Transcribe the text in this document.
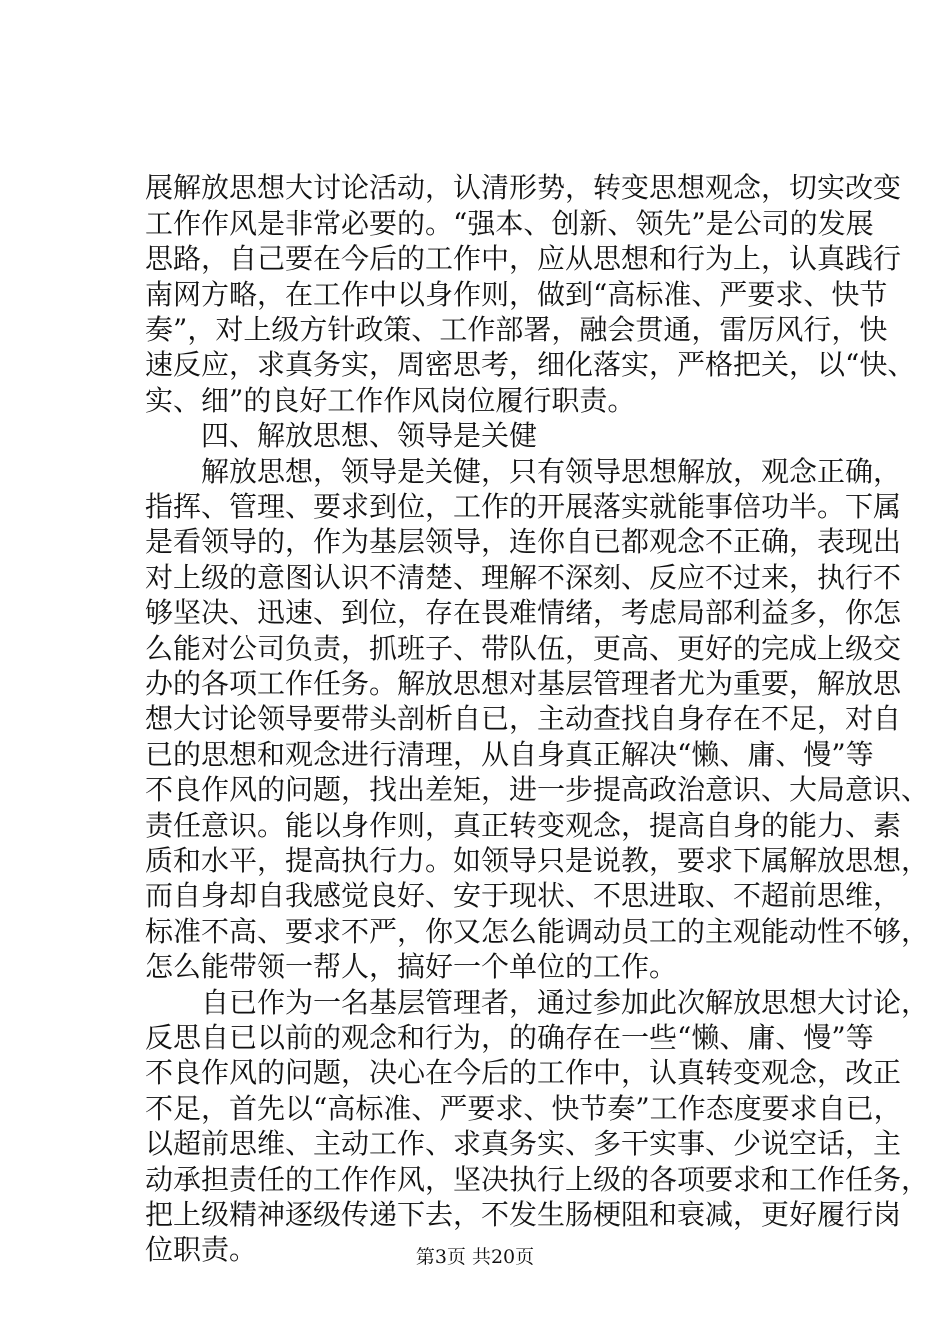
展解放思想大讨论活动，认清形势，转变思想观念，切实改变
工作作风是非常必要的。“强本、创新、领先”是公司的发展
思路，自己要在今后的工作中，应从思想和行为上，认真践行
南网方略，在工作中以身作则，做到“高标准、严要求、快节
奏”，对上级方针政策、工作部署，融会贯通，雷厉风行，快
速反应，求真务实，周密思考，细化落实，严格把关，以“快、
实、细”的良好工作作风岗位履行职责。
　　四、解放思想、领导是关健
　　解放思想，领导是关健，只有领导思想解放，观念正确，
指挥、管理、要求到位，工作的开展落实就能事倍功半。下属
是看领导的，作为基层领导，连你自已都观念不正确，表现出
对上级的意图认识不清楚、理解不深刻、反应不过来，执行不
够坚决、迅速、到位，存在畏难情绪，考虑局部利益多，你怎
么能对公司负责，抓班子、带队伍，更高、更好的完成上级交
办的各项工作任务。解放思想对基层管理者尤为重要，解放思
想大讨论领导要带头剖析自已，主动查找自身存在不足，对自
已的思想和观念进行清理，从自身真正解决“懒、庸、慢”等
不良作风的问题，找出差矩，进一步提高政治意识、大局意识、
责任意识。能以身作则，真正转变观念，提高自身的能力、素
质和水平，提高执行力。如领导只是说教，要求下属解放思想，
而自身却自我感觉良好、安于现状、不思进取、不超前思维，
标准不高、要求不严，你又怎么能调动员工的主观能动性不够，
怎么能带领一帮人，搞好一个单位的工作。
　　自已作为一名基层管理者，通过参加此次解放思想大讨论，
反思自已以前的观念和行为，的确存在一些“懒、庸、慢”等
不良作风的问题，决心在今后的工作中，认真转变观念，改正
不足，首先以“高标准、严要求、快节奏”工作态度要求自已，
以超前思维、主动工作、求真务实、多干实事、少说空话，主
动承担责任的工作作风，坚决执行上级的各项要求和工作任务，
把上级精神逐级传递下去，不发生肠梗阻和衰减，更好履行岗
位职责。	第3页 共20页
